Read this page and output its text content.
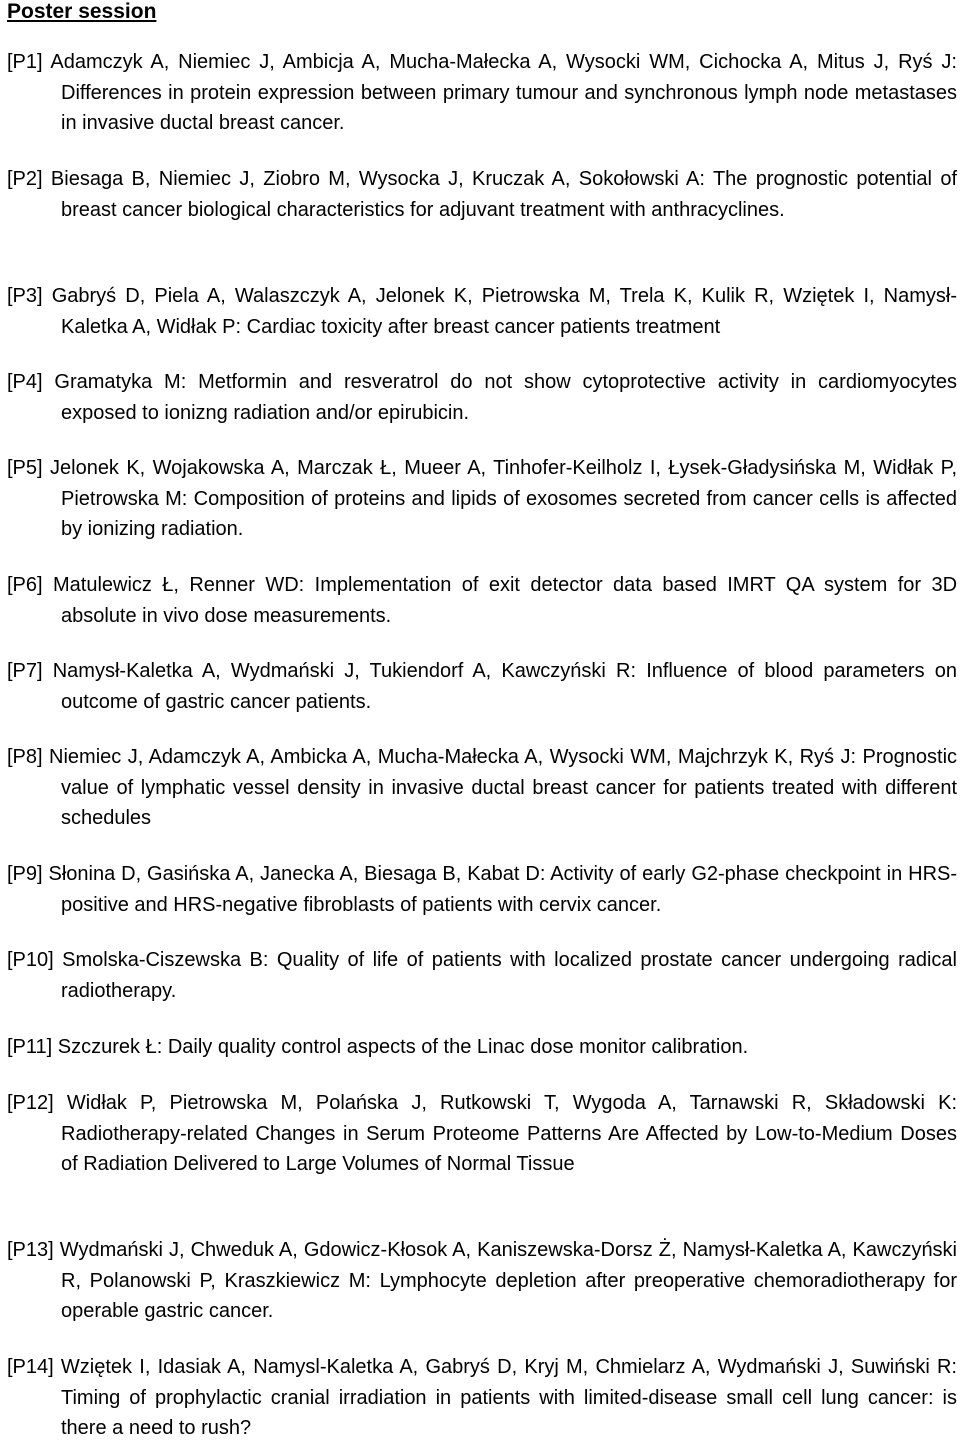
Poster session

[P1] Adamczyk A, Niemiec J, Ambicja A, Mucha-Małecka A, Wysocki WM, Cichocka A, Mitus J, Ryś J: Differences in protein expression between primary tumour and synchronous lymph node metastases in invasive ductal breast cancer.

[P2] Biesaga B, Niemiec J, Ziobro M, Wysocka J, Kruczak A, Sokołowski A: The prognostic potential of breast cancer biological characteristics for adjuvant treatment with anthracyclines.

[P3] Gabryś D, Piela A, Walaszczyk A, Jelonek K, Pietrowska M, Trela K, Kulik R, Wziętek I, Namysł-Kaletka A, Widłak P: Cardiac toxicity after breast cancer patients treatment

[P4] Gramatyka M: Metformin and resveratrol do not show cytoprotective activity in cardiomyocytes exposed to ioniz​ng radiation and/or epirubicin.

[P5] Jelonek K, Wojakowska A, Marczak Ł, Mueer A, Tinhofer-Keilholz I, Łysek-Gładysińska M, Widłak P, Pietrowska M: Composition of proteins and lipids of exosomes secreted from cancer cells is affected by ionizing radiation.

[P6] Matulewicz Ł, Renner WD: Implementation of exit detector data based IMRT QA system for 3D absolute in vivo dose measurements.

[P7] Namysł-Kaletka A, Wydmański J, Tukiendorf A, Kawczyński R: Influence of blood parameters on outcome of gastric cancer patients.

[P8] Niemiec J, Adamczyk A, Ambicka A, Mucha-Małecka A, Wysocki WM, Majchrzyk K, Ryś J: Prognostic value of lymphatic vessel density in invasive ductal breast cancer for patients treated with different schedules

[P9] Słonina D, Gasińska A, Janecka A, Biesaga B, Kabat D: Activity of early G2-phase checkpoint in HRS-positive and HRS-negative fibroblasts of patients with cervix cancer.

[P10] Smolska-Ciszewska B: Quality of life of patients with localized prostate cancer undergoing radical radiotherapy.

[P11] Szczurek Ł: Daily quality control aspects of the Linac dose monitor calibration.

[P12] Widłak P, Pietrowska M, Polańska J, Rutkowski T, Wygoda A, Tarnawski R, Składowski K: Radiotherapy-related Changes in Serum Proteome Patterns Are Affected by Low-to-Medium Doses of Radiation Delivered to Large Volumes of Normal Tissue

[P13] Wydmański J, Chweduk A, Gdowicz-Kłosok A, Kaniszewska-Dorsz Ż, Namysł-Kaletka A, Kawczyński R, Polanowski P, Kraszkiewicz M: Lymphocyte depletion after preoperative chemoradiotherapy for operable gastric cancer.

[P14] Wziętek I, Idasiak A, Namysl-Kaletka A, Gabryś D, Kryj M, Chmielarz A, Wydmański J, Suwiński R: Timing of prophylactic cranial irradiation in patients with limited-disease small cell lung cancer: is there a need to rush?
